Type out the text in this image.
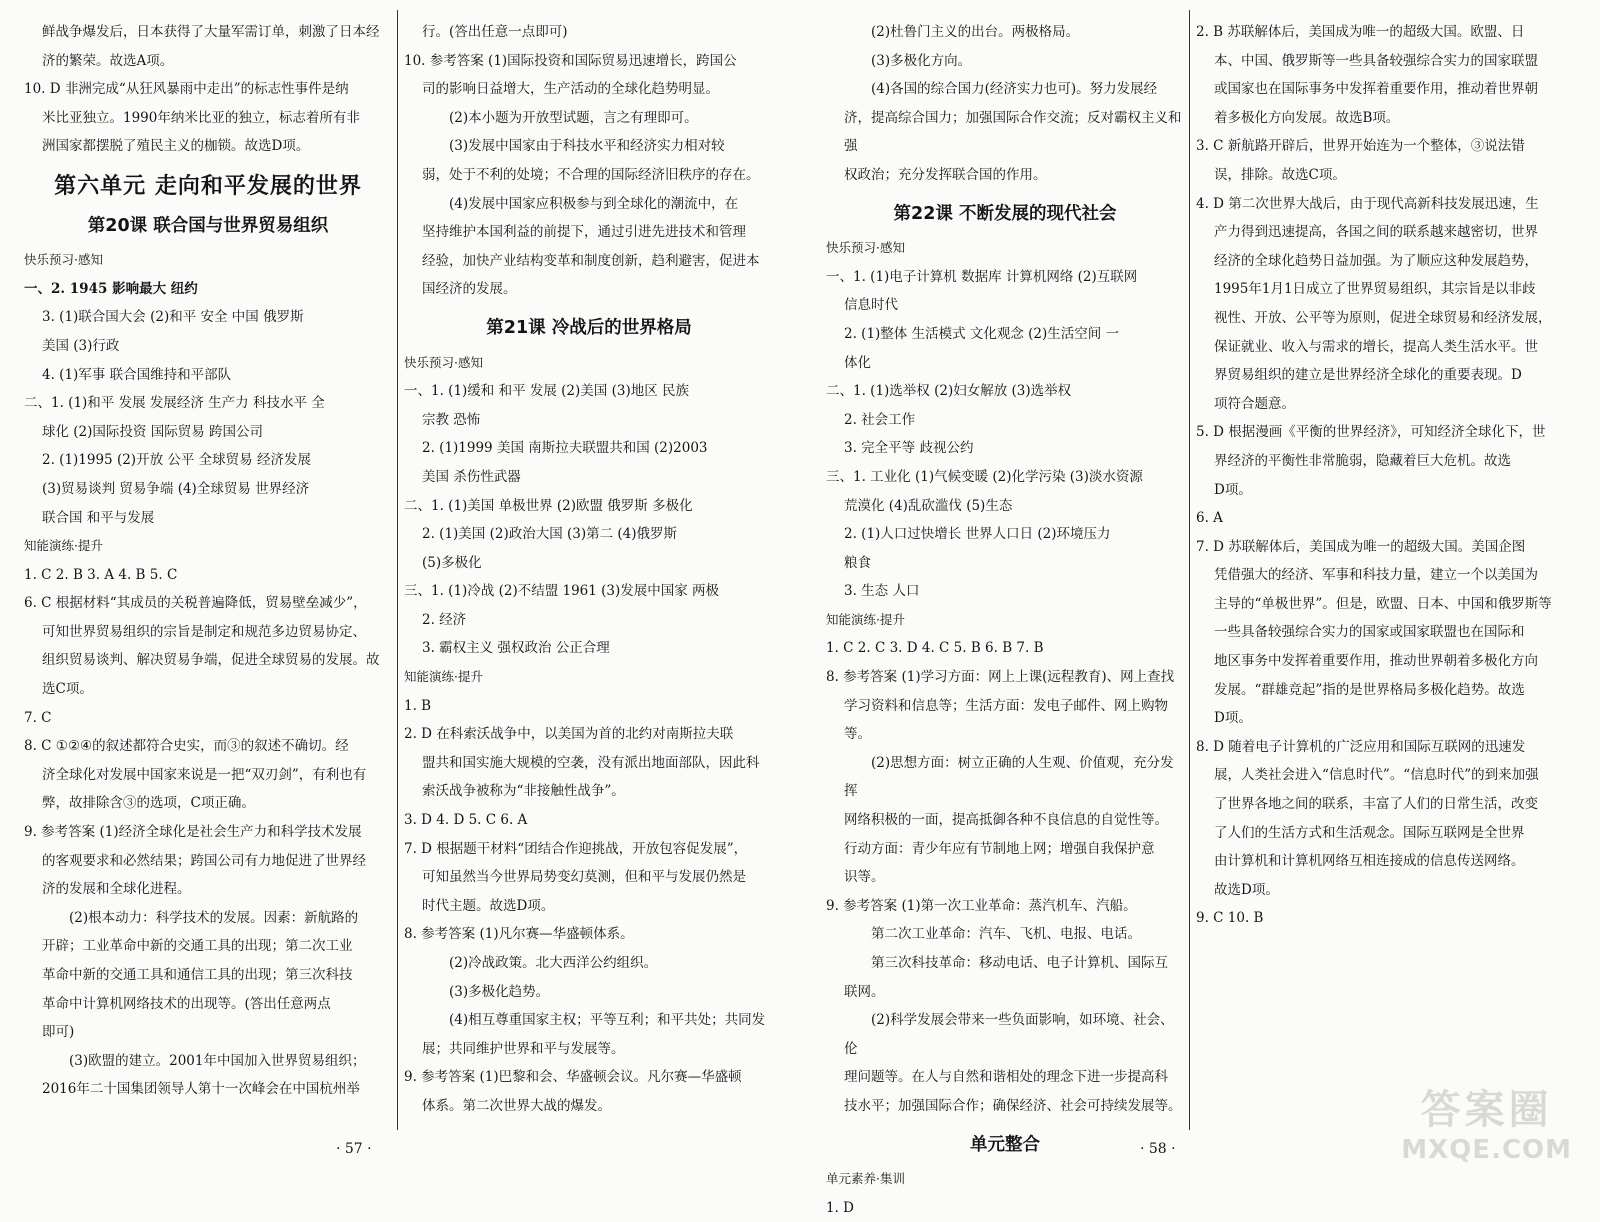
鲜战争爆发后，日本获得了大量军需订单，刺激了日本经

济的繁荣。故选A项。

10. D 非洲完成“从狂风暴雨中走出”的标志性事件是纳

米比亚独立。1990年纳米比亚的独立，标志着所有非

洲国家都摆脱了殖民主义的枷锁。故选D项。

第六单元 走向和平发展的世界
第20课 联合国与世界贸易组织

快乐预习·感知

一、2. 1945 影响最大 纽约

3. (1)联合国大会 (2)和平 安全 中国 俄罗斯

美国 (3)行政

4. (1)军事 联合国维持和平部队

二、1. (1)和平 发展 发展经济 生产力 科技水平 全

球化 (2)国际投资 国际贸易 跨国公司

2. (1)1995 (2)开放 公平 全球贸易 经济发展

(3)贸易谈判 贸易争端 (4)全球贸易 世界经济

联合国 和平与发展

知能演练·提升

1. C 2. B 3. A 4. B 5. C

6. C 根据材料“其成员的关税普遍降低，贸易壁垒减少”，

可知世界贸易组织的宗旨是制定和规范多边贸易协定、

组织贸易谈判、解决贸易争端，促进全球贸易的发展。故

选C项。

7. C

8. C ①②④的叙述都符合史实，而③的叙述不确切。经

济全球化对发展中国家来说是一把“双刃剑”，有利也有

弊，故排除含③的选项，C项正确。

9. 参考答案 (1)经济全球化是社会生产力和科学技术发展

的客观要求和必然结果；跨国公司有力地促进了世界经

济的发展和全球化进程。

(2)根本动力：科学技术的发展。因素：新航路的

开辟；工业革命中新的交通工具的出现；第二次工业

革命中新的交通工具和通信工具的出现；第三次科技

革命中计算机网络技术的出现等。(答出任意两点

即可)

(3)欧盟的建立。2001年中国加入世界贸易组织；

2016年二十国集团领导人第十一次峰会在中国杭州举

行。(答出任意一点即可)

10. 参考答案 (1)国际投资和国际贸易迅速增长，跨国公

司的影响日益增大，生产活动的全球化趋势明显。

(2)本小题为开放型试题，言之有理即可。

(3)发展中国家由于科技水平和经济实力相对较

弱，处于不利的处境；不合理的国际经济旧秩序的存在。

(4)发展中国家应积极参与到全球化的潮流中，在

坚持维护本国利益的前提下，通过引进先进技术和管理

经验，加快产业结构变革和制度创新，趋利避害，促进本

国经济的发展。

第21课 冷战后的世界格局

快乐预习·感知

一、1. (1)缓和 和平 发展 (2)美国 (3)地区 民族

宗教 恐怖

2. (1)1999 美国 南斯拉夫联盟共和国 (2)2003

美国 杀伤性武器

二、1. (1)美国 单极世界 (2)欧盟 俄罗斯 多极化

2. (1)美国 (2)政治大国 (3)第二 (4)俄罗斯

(5)多极化

三、1. (1)冷战 (2)不结盟 1961 (3)发展中国家 两极

2. 经济

3. 霸权主义 强权政治 公正合理

知能演练·提升

1. B

2. D 在科索沃战争中，以美国为首的北约对南斯拉夫联

盟共和国实施大规模的空袭，没有派出地面部队，因此科

索沃战争被称为“非接触性战争”。

3. D 4. D 5. C 6. A

7. D 根据题干材料“团结合作迎挑战，开放包容促发展”，

可知虽然当今世界局势变幻莫测，但和平与发展仍然是

时代主题。故选D项。

8. 参考答案 (1)凡尔赛—华盛顿体系。

(2)冷战政策。北大西洋公约组织。

(3)多极化趋势。

(4)相互尊重国家主权；平等互利；和平共处；共同发

展；共同维护世界和平与发展等。

9. 参考答案 (1)巴黎和会、华盛顿会议。凡尔赛—华盛顿

体系。第二次世界大战的爆发。

· 57 ·

(2)杜鲁门主义的出台。两极格局。

(3)多极化方向。

(4)各国的综合国力(经济实力也可)。努力发展经

济，提高综合国力；加强国际合作交流；反对霸权主义和强

权政治；充分发挥联合国的作用。

第22课 不断发展的现代社会

快乐预习·感知

一、1. (1)电子计算机 数据库 计算机网络 (2)互联网

信息时代

2. (1)整体 生活模式 文化观念 (2)生活空间 一

体化

二、1. (1)选举权 (2)妇女解放 (3)选举权

2. 社会工作

3. 完全平等 歧视公约

三、1. 工业化 (1)气候变暖 (2)化学污染 (3)淡水资源

荒漠化 (4)乱砍滥伐 (5)生态

2. (1)人口过快增长 世界人口日 (2)环境压力

粮食

3. 生态 人口

知能演练·提升

1. C 2. C 3. D 4. C 5. B 6. B 7. B

8. 参考答案 (1)学习方面：网上上课(远程教育)、网上查找

学习资料和信息等；生活方面：发电子邮件、网上购物等。

(2)思想方面：树立正确的人生观、价值观，充分发挥

网络积极的一面，提高抵御各种不良信息的自觉性等。

行动方面：青少年应有节制地上网；增强自我保护意

识等。

9. 参考答案 (1)第一次工业革命：蒸汽机车、汽船。

第二次工业革命：汽车、飞机、电报、电话。

第三次科技革命：移动电话、电子计算机、国际互

联网。

(2)科学发展会带来一些负面影响，如环境、社会、伦

理问题等。在人与自然和谐相处的理念下进一步提高科

技水平；加强国际合作；确保经济、社会可持续发展等。

单元整合

单元素养·集训

1. D

2. B 苏联解体后，美国成为唯一的超级大国。欧盟、日

本、中国、俄罗斯等一些具备较强综合实力的国家联盟

或国家也在国际事务中发挥着重要作用，推动着世界朝

着多极化方向发展。故选B项。

3. C 新航路开辟后，世界开始连为一个整体，③说法错

误，排除。故选C项。

4. D 第二次世界大战后，由于现代高新科技发展迅速，生

产力得到迅速提高，各国之间的联系越来越密切，世界

经济的全球化趋势日益加强。为了顺应这种发展趋势，

1995年1月1日成立了世界贸易组织，其宗旨是以非歧

视性、开放、公平等为原则，促进全球贸易和经济发展，

保证就业、收入与需求的增长，提高人类生活水平。世

界贸易组织的建立是世界经济全球化的重要表现。D

项符合题意。

5. D 根据漫画《平衡的世界经济》，可知经济全球化下，世

界经济的平衡性非常脆弱，隐藏着巨大危机。故选

D项。

6. A

7. D 苏联解体后，美国成为唯一的超级大国。美国企图

凭借强大的经济、军事和科技力量，建立一个以美国为

主导的“单极世界”。但是，欧盟、日本、中国和俄罗斯等

一些具备较强综合实力的国家或国家联盟也在国际和

地区事务中发挥着重要作用，推动世界朝着多极化方向

发展。“群雄竞起”指的是世界格局多极化趋势。故选

D项。

8. D 随着电子计算机的广泛应用和国际互联网的迅速发

展，人类社会进入“信息时代”。“信息时代”的到来加强

了世界各地之间的联系，丰富了人们的日常生活，改变

了人们的生活方式和生活观念。国际互联网是全世界

由计算机和计算机网络互相连接成的信息传送网络。

故选D项。

9. C 10. B

· 58 ·
答案圈
MXQE.COM
